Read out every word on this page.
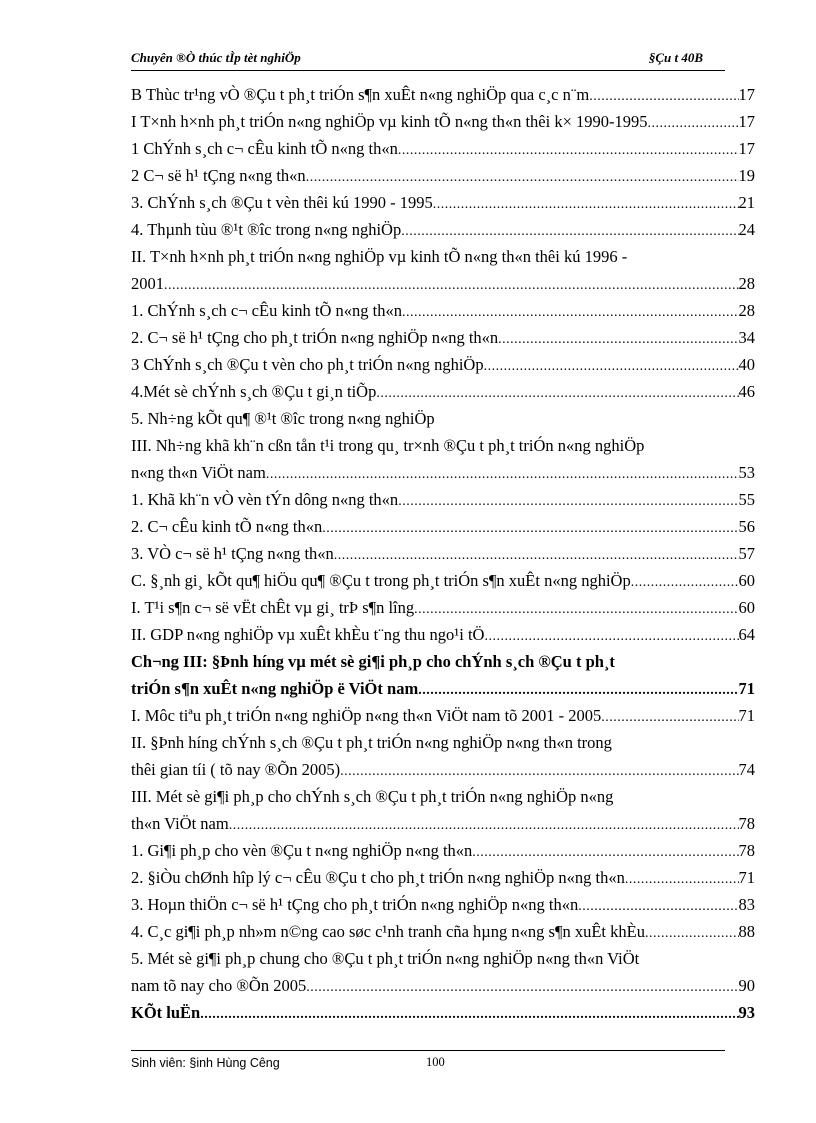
Chuyên ®Ò thúc tÌp tèt nghiÖp	§Çu t 40B
B Thùc tr¹ng vÒ ®Çu t ph¸t triÓn s¶n xuÊt n«ng nghiÖp qua c¸c n¨m .....	17
I T×nh h×nh ph¸t triÓn n«ng nghiÖp vµ kinh tÕ n«ng th«n thêi k× 1990-1995 .....	17
1 ChÝnh s¸ch c¬ cÊu kinh tÕ n«ng th«n .....	17
2 C¬ së h¹ tÇng n«ng th«n .....	19
3. ChÝnh s¸ch ®Çu t vèn thêi kú 1990 - 1995 .....	21
4. Thµnh tùu ®¹t ®îc trong n«ng nghiÖp .....	24
II. T×nh h×nh ph¸t triÓn n«ng nghiÖp vµ kinh tÕ n«ng th«n thêi kú 1996 -
2001 .....	28
1. ChÝnh s¸ch c¬ cÊu kinh tÕ n«ng th«n .....	28
2. C¬ së h¹ tÇng cho ph¸t triÓn n«ng nghiÖp n«ng th«n .....	34
3 ChÝnh s¸ch ®Çu t vèn cho ph¸t triÓn n«ng nghiÖp .....	40
4.Mét sè chÝnh s¸ch ®Çu t gi¸n tiÕp .....	46
5. Nh÷ng kÕt qu¶ ®¹t ®îc trong n«ng nghiÖp
III. Nh÷ng khã kh¨n cßn tån t¹i trong qu¸ tr×nh ®Çu t ph¸t triÓn n«ng nghiÖp
n«ng th«n ViÖt nam .....	53
1. Khã kh¨n vÒ vèn tÝn dông n«ng th«n .....	55
2. C¬ cÊu kinh tÕ n«ng th«n .....	56
3. VÒ c¬ së h¹ tÇng n«ng th«n .....	57
C. §¸nh gi¸ kÕt qu¶ hiÖu qu¶ ®Çu t trong ph¸t triÓn s¶n xuÊt n«ng nghiÖp .....	60
I. T¹i s¶n c¬ së vËt chÊt vµ gi¸ trÞ s¶n lîng .....	60
II. GDP n«ng nghiÖp vµ xuÊt khÈu t¨ng thu ngo¹i tÖ .....	64
Ch¬ng III: §Þnh híng vµ mét sè gi¶i ph¸p cho chÝnh s¸ch ®Çu t ph¸t
triÓn s¶n xuÊt n«ng nghiÖp ë ViÖt nam .....	71
I. Môc tiªu ph¸t triÓn n«ng nghiÖp n«ng th«n ViÖt nam tõ 2001 - 2005 .....	71
II. §Þnh híng chÝnh s¸ch ®Çu t ph¸t triÓn n«ng nghiÖp n«ng th«n trong
thêi gian tíi ( tõ nay ®Õn 2005) .....	74
III. Mét sè gi¶i ph¸p cho chÝnh s¸ch ®Çu t ph¸t triÓn n«ng nghiÖp n«ng
th«n ViÖt nam .....	78
1. Gi¶i ph¸p cho vèn ®Çu t n«ng nghiÖp n«ng th«n .....	78
2. §iÒu chØnh hîp lý c¬ cÊu ®Çu t cho ph¸t triÓn n«ng nghiÖp n«ng th«n .....	71
3. Hoµn thiÖn c¬ së h¹ tÇng cho ph¸t triÓn n«ng nghiÖp n«ng th«n .....	83
4. C¸c gi¶i ph¸p nh»m n©ng cao søc c¹nh tranh cña hµng n«ng s¶n xuÊt khÈu .....	88
5. Mét sè gi¶i ph¸p chung cho ®Çu t ph¸t triÓn n«ng nghiÖp n«ng th«n ViÖt
nam tõ nay cho ®Õn 2005 .....	90
KÕt luËn .....	93
Sinh viên: §inh Hùng Cêng	100
